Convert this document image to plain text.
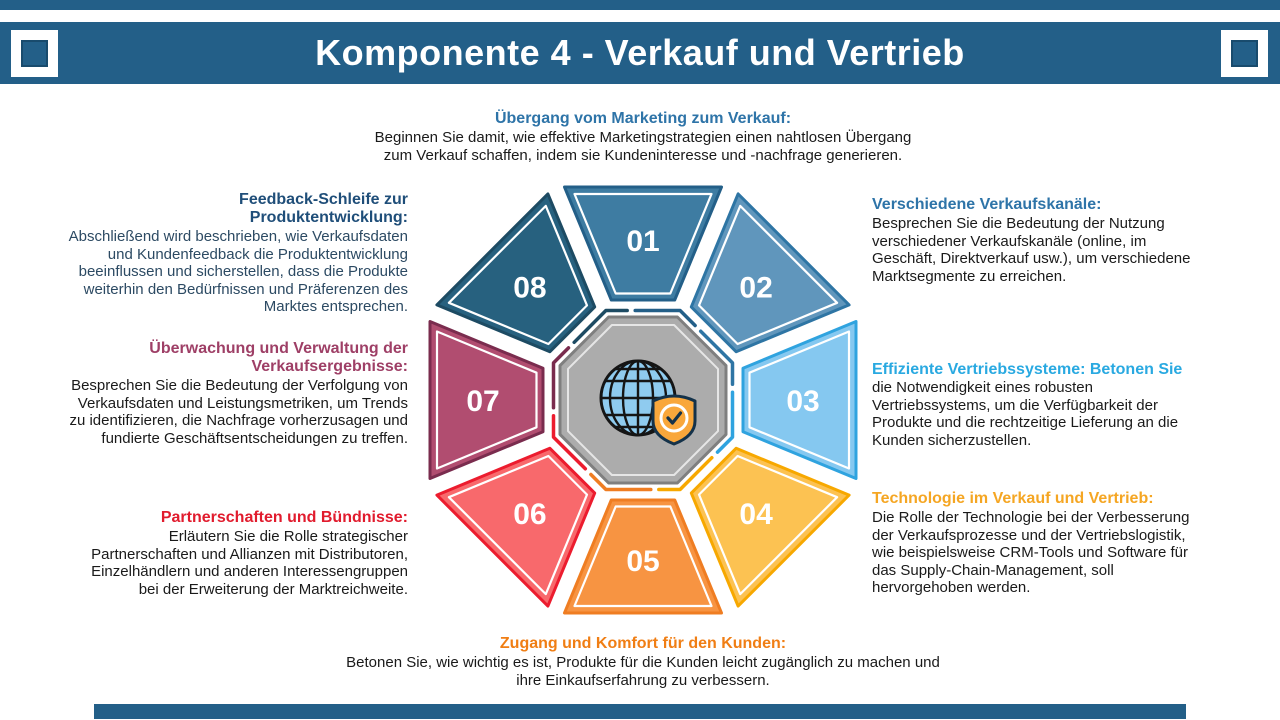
Komponente 4 - Verkauf und Vertrieb

Übergang vom Marketing zum Verkauf:

Beginnen Sie damit, wie effektive Marketingstrategien einen nahtlosen Übergang zum Verkauf schaffen, indem sie Kundeninteresse und -nachfrage generieren.

Verschiedene Verkaufskanäle:

Besprechen Sie die Bedeutung der Nutzung verschiedener Verkaufskanäle (online, im Geschäft, Direktverkauf usw.), um verschiedene Marktsegmente zu erreichen.

Effiziente Vertriebssysteme: Betonen Sie die Notwendigkeit eines robusten Vertriebssystems, um die Verfügbarkeit der Produkte und die rechtzeitige Lieferung an die Kunden sicherzustellen.

Technologie im Verkauf und Vertrieb:

Die Rolle der Technologie bei der Verbesserung der Verkaufsprozesse und der Vertriebslogistik, wie beispielsweise CRM-Tools und Software für das Supply-Chain-Management, soll hervorgehoben werden.

Zugang und Komfort für den Kunden:

Betonen Sie, wie wichtig es ist, Produkte für die Kunden leicht zugänglich zu machen und ihre Einkaufserfahrung zu verbessern.

Partnerschaften und Bündnisse:

Erläutern Sie die Rolle strategischer Partnerschaften und Allianzen mit Distributoren, Einzelhändlern und anderen Interessengruppen bei der Erweiterung der Marktreichweite.

Überwachung und Verwaltung der Verkaufsergebnisse:

Besprechen Sie die Bedeutung der Verfolgung von Verkaufsdaten und Leistungsmetriken, um Trends zu identifizieren, die Nachfrage vorherzusagen und fundierte Geschäftsentscheidungen zu treffen.

Feedback-Schleife zur Produktentwicklung:

Abschließend wird beschrieben, wie Verkaufsdaten und Kundenfeedback die Produktentwicklung beeinflussen und sicherstellen, dass die Produkte weiterhin den Bedürfnissen und Präferenzen des Marktes entsprechen.

01
02
03
04
05
06
07
08
